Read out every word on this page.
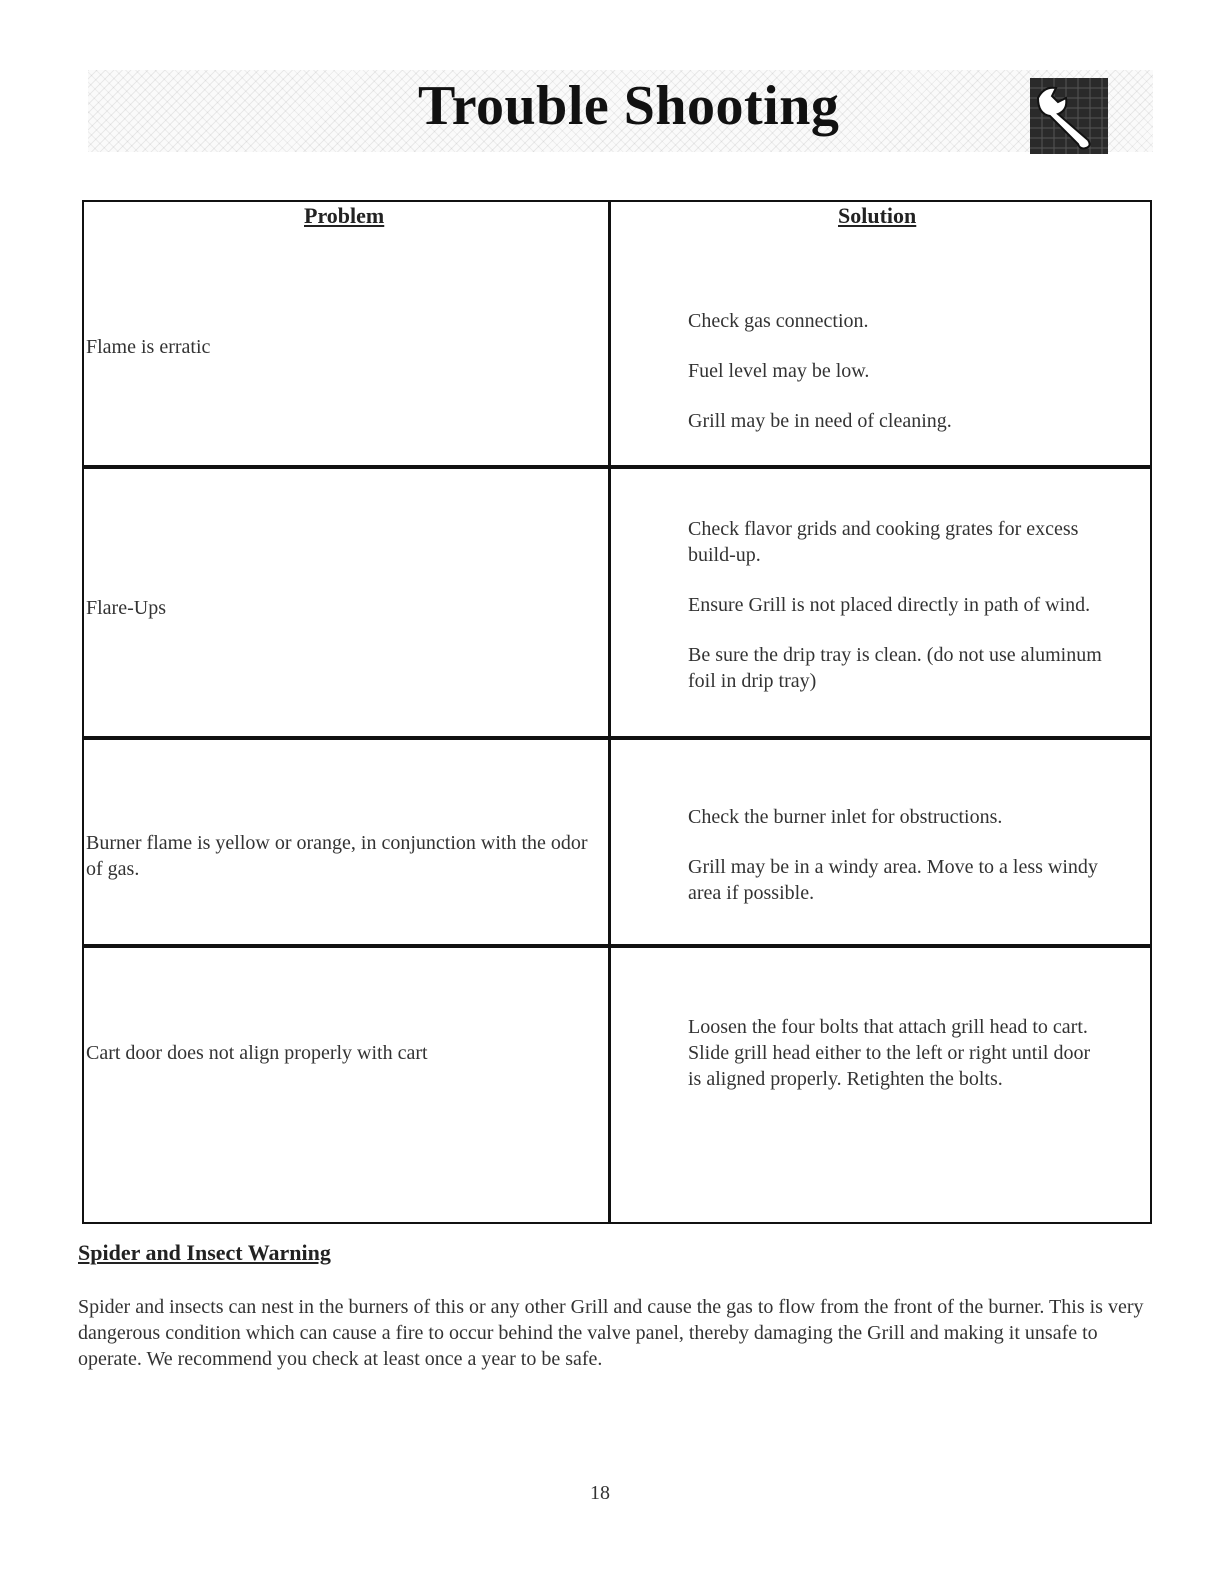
Trouble Shooting
Problem	Solution
Flame is erratic

Check gas connection.

Fuel level may be low.

Grill may be in need of cleaning.

Flare-Ups

Check flavor grids and cooking grates for excess build-up.

Ensure Grill is not placed directly in path of wind.

Be sure the drip tray is clean. (do not use aluminum foil in drip tray)

Burner flame is yellow or orange, in conjunction with the odor of gas.

Check the burner inlet for obstructions.

Grill may be in a windy area. Move to a less windy area if possible.

Cart door does not align properly with cart

Loosen the four bolts that attach grill head to cart. Slide grill head either to the left or right until door is aligned properly. Retighten the bolts.

Spider and Insect Warning
Spider and insects can nest in the burners of this or any other Grill and cause the gas to flow from the front of the burner. This is very dangerous condition which can cause a fire to occur behind the valve panel, thereby damaging the Grill and making it unsafe to operate. We recommend you check at least once a year to be safe.
18
